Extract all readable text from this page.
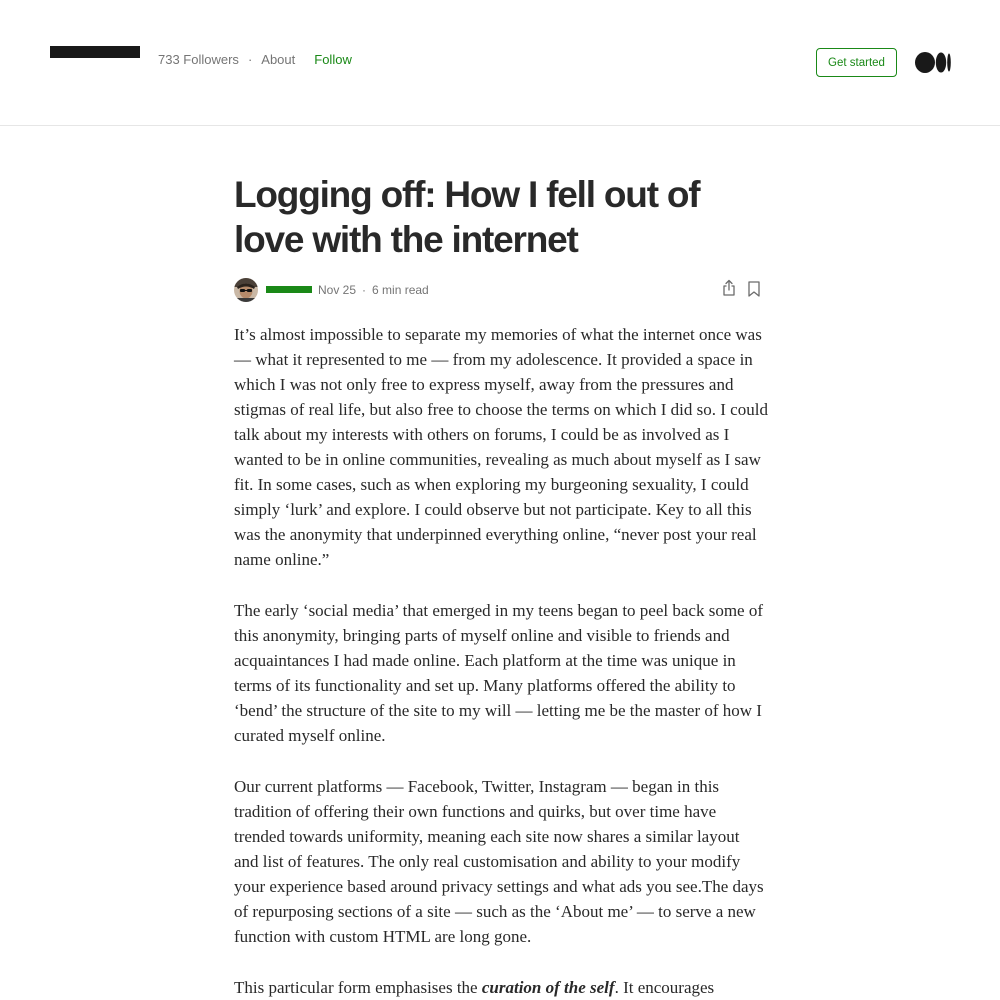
733 Followers · About Follow	Get started
Logging off: How I fell out of love with the internet
Nov 25 · 6 min read

It’s almost impossible to separate my memories of what the internet once was — what it represented to me — from my adolescence. It provided a space in which I was not only free to express myself, away from the pressures and stigmas of real life, but also free to choose the terms on which I did so. I could talk about my interests with others on forums, I could be as involved as I wanted to be in online communities, revealing as much about myself as I saw fit. In some cases, such as when exploring my burgeoning sexuality, I could simply ‘lurk’ and explore. I could observe but not participate. Key to all this was the anonymity that underpinned everything online, “never post your real name online.”

The early ‘social media’ that emerged in my teens began to peel back some of this anonymity, bringing parts of myself online and visible to friends and acquaintances I had made online. Each platform at the time was unique in terms of its functionality and set up. Many platforms offered the ability to ‘bend’ the structure of the site to my will — letting me be the master of how I curated myself online.

Our current platforms — Facebook, Twitter, Instagram — began in this tradition of offering their own functions and quirks, but over time have trended towards uniformity, meaning each site now shares a similar layout and list of features. The only real customisation and ability to your modify your experience based around privacy settings and what ads you see.The days of repurposing sections of a site — such as the ‘About me’ — to serve a new function with custom HTML are long gone.

This particular form emphasises the curation of the self. It encourages
